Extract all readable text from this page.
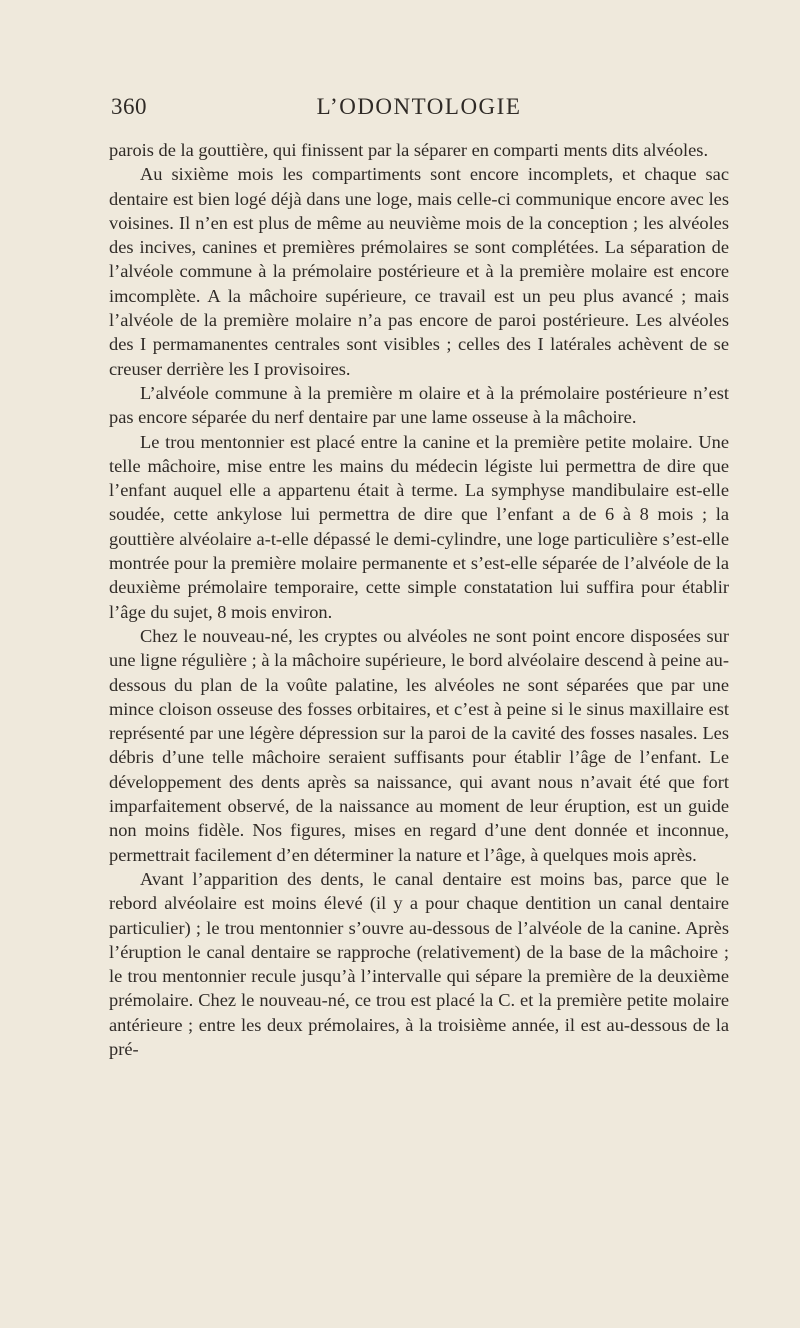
360	L’ODONTOLOGIE

parois de la gouttière, qui finissent par la séparer en comparti ments dits alvéoles.

Au sixième mois les compartiments sont encore incomplets, et chaque sac dentaire est bien logé déjà dans une loge, mais celle-ci communique encore avec les voisines. Il n’en est plus de même au neuvième mois de la conception ; les alvéoles des incives, canines et premières prémolaires se sont complétées. La séparation de l’alvéole commune à la prémolaire postérieure et à la première molaire est encore imcomplète. A la mâchoire supérieure, ce travail est un peu plus avancé ; mais l’alvéole de la première molaire n’a pas encore de paroi postérieure. Les alvéoles des I permamanentes centrales sont visibles ; celles des I latérales achèvent de se creuser derrière les I provisoires.

L’alvéole commune à la première m olaire et à la prémolaire postérieure n’est pas encore séparée du nerf dentaire par une lame osseuse à la mâchoire.

Le trou mentonnier est placé entre la canine et la première petite molaire. Une telle mâchoire, mise entre les mains du médecin légiste lui permettra de dire que l’enfant auquel elle a appartenu était à terme. La symphyse mandibulaire est-elle soudée, cette ankylose lui permettra de dire que l’enfant a de 6 à 8 mois ; la gouttière alvéolaire a-t-elle dépassé le demi-cylindre, une loge particulière s’est-elle montrée pour la première molaire permanente et s’est-elle séparée de l’alvéole de la deuxième prémolaire temporaire, cette simple constatation lui suffira pour établir l’âge du sujet, 8 mois environ.

Chez le nouveau-né, les cryptes ou alvéoles ne sont point encore disposées sur une ligne régulière ; à la mâchoire supérieure, le bord alvéolaire descend à peine au-dessous du plan de la voûte palatine, les alvéoles ne sont séparées que par une mince cloison osseuse des fosses orbitaires, et c’est à peine si le sinus maxillaire est représenté par une légère dépression sur la paroi de la cavité des fosses nasales. Les débris d’une telle mâchoire seraient suffisants pour établir l’âge de l’enfant. Le développement des dents après sa naissance, qui avant nous n’avait été que fort imparfaitement observé, de la naissance au moment de leur éruption, est un guide non moins fidèle. Nos figures, mises en regard d’une dent donnée et inconnue, permettrait facilement d’en déterminer la nature et l’âge, à quelques mois après.

Avant l’apparition des dents, le canal dentaire est moins bas, parce que le rebord alvéolaire est moins élevé (il y a pour chaque dentition un canal dentaire particulier) ; le trou mentonnier s’ouvre au-dessous de l’alvéole de la canine. Après l’éruption le canal dentaire se rapproche (relativement) de la base de la mâchoire ; le trou mentonnier recule jusqu’à l’intervalle qui sépare la première de la deuxième prémolaire. Chez le nouveau-né, ce trou est placé la C. et la première petite molaire antérieure ; entre les deux prémolaires, à la troisième année, il est au-dessous de la pré-
